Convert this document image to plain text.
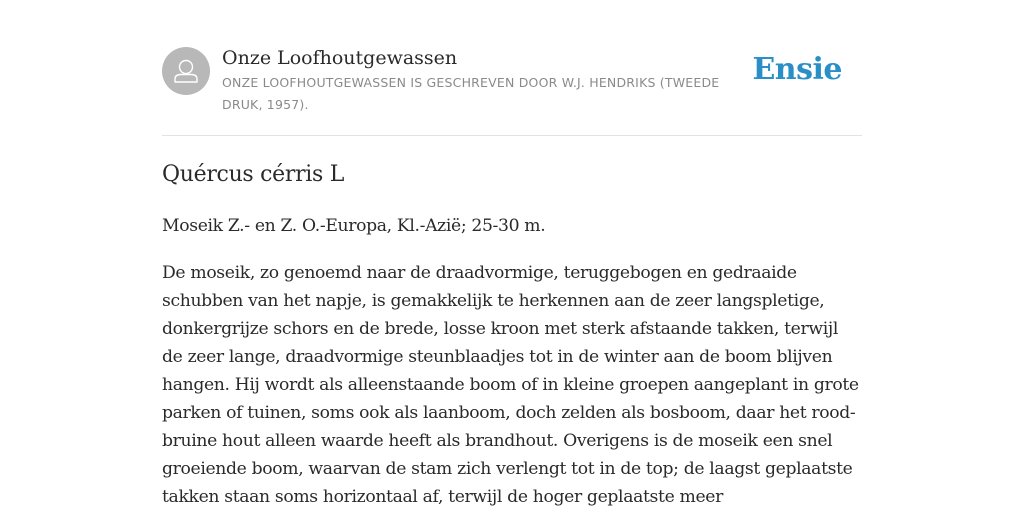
Onze Loofhoutgewassen
ONZE LOOFHOUTGEWASSEN IS GESCHREVEN DOOR W.J. HENDRIKS (TWEEDE DRUK, 1957).
Ensie
Quércus cérris L

Moseik Z.- en Z. O.-Europa, Kl.-Azië; 25-30 m.

De moseik, zo genoemd naar de draadvormige, teruggebogen en gedraaide schubben van het napje, is gemakkelijk te herkennen aan de zeer langspletige, donkergrijze schors en de brede, losse kroon met sterk afstaande takken, terwijl de zeer lange, draadvormige steunblaadjes tot in de winter aan de boom blijven hangen. Hij wordt als alleenstaande boom of in kleine groepen aangeplant in grote parken of tuinen, soms ook als laanboom, doch zelden als bosboom, daar het rood-bruine hout alleen waarde heeft als brandhout. Overigens is de moseik een snel groeiende boom, waarvan de stam zich verlengt tot in de top; de laagst geplaatste takken staan soms horizontaal af, terwijl de hoger geplaatste meer
